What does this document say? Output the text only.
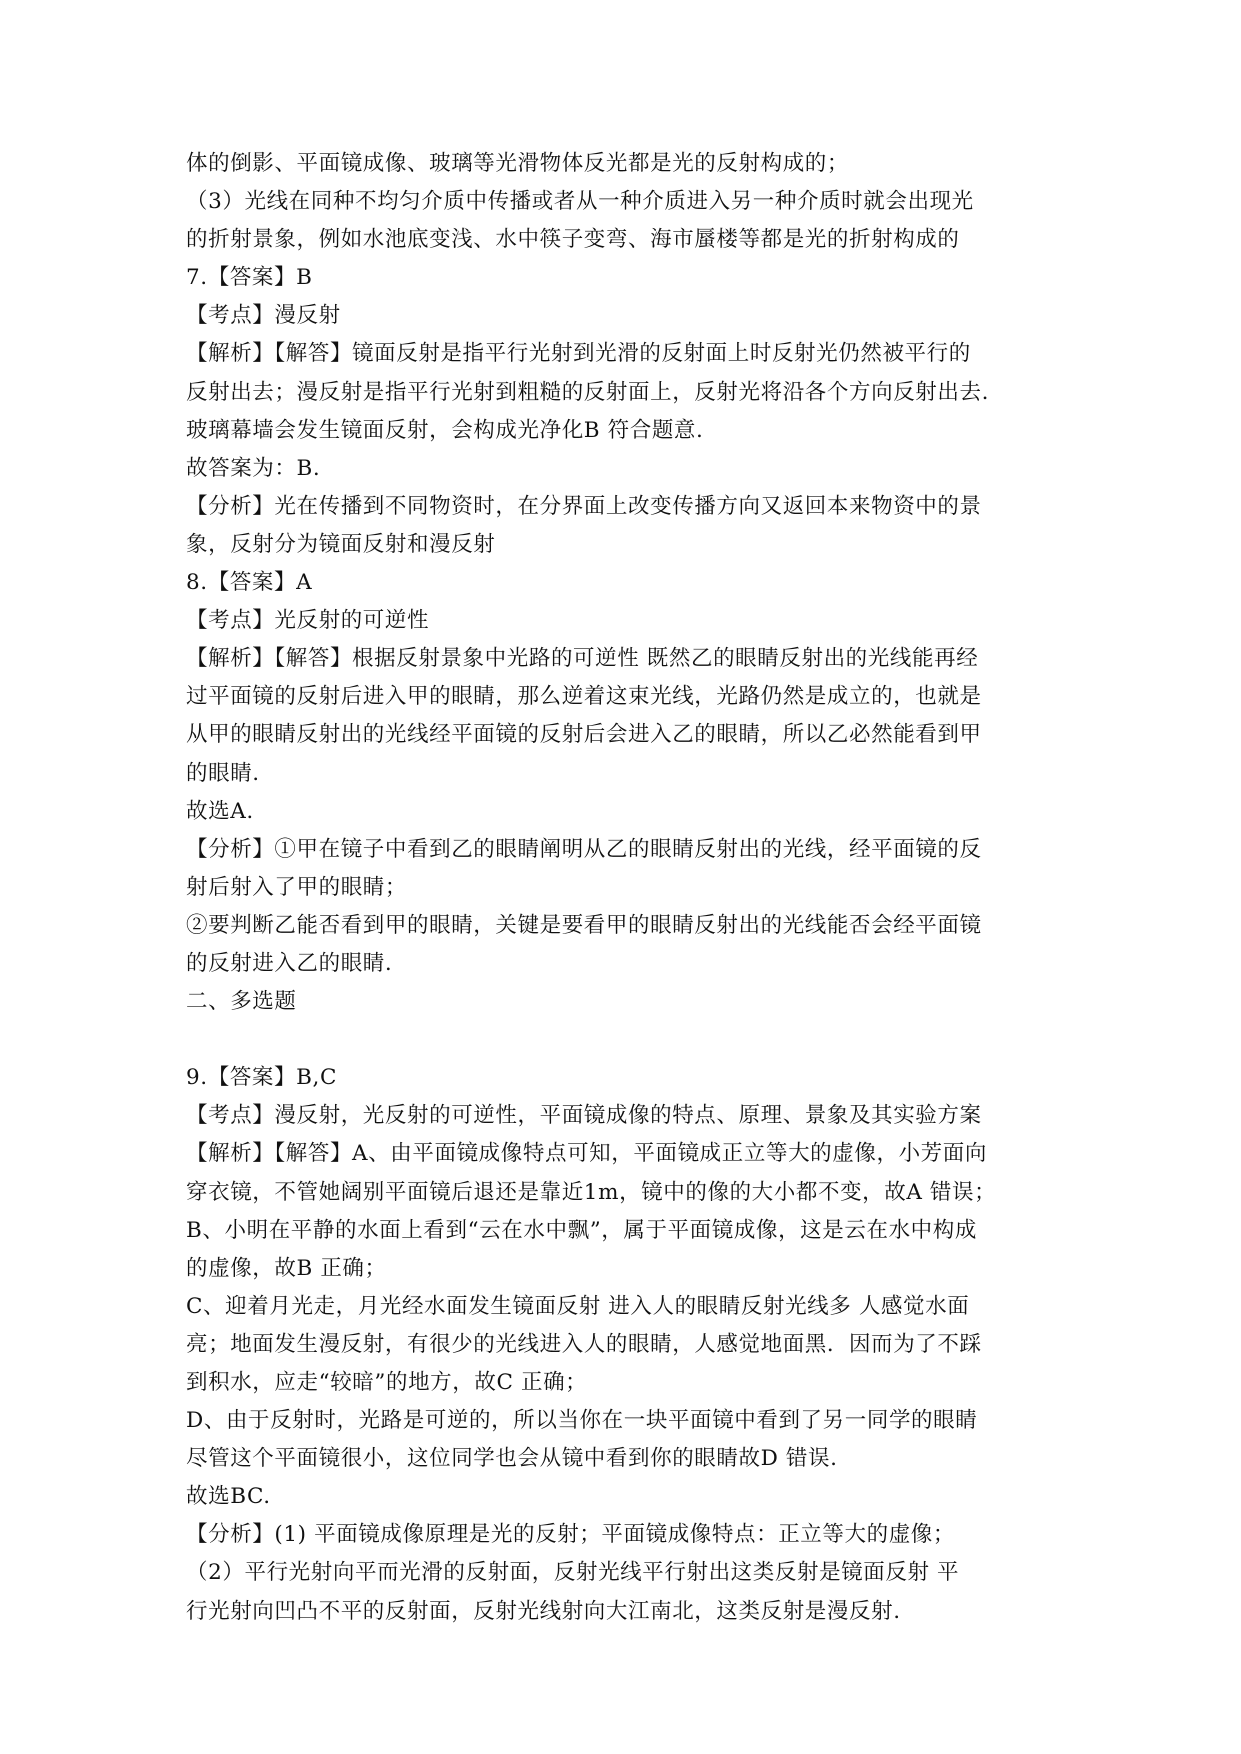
体的倒影、平面镜成像、玻璃等光滑物体反光都是光的反射构成的；
（3）光线在同种不均匀介质中传播或者从一种介质进入另一种介质时就会出现光
的折射景象，例如水池底变浅、水中筷子变弯、海市蜃楼等都是光的折射构成的
7.【答案】B
【考点】漫反射
【解析】【解答】镜面反射是指平行光射到光滑的反射面上时反射光仍然被平行的
反射出去；漫反射是指平行光射到粗糙的反射面上，反射光将沿各个方向反射出去.
玻璃幕墙会发生镜面反射，会构成光净化B 符合题意.
故答案为：B.
【分析】光在传播到不同物资时，在分界面上改变传播方向又返回本来物资中的景
象，反射分为镜面反射和漫反射
8.【答案】A
【考点】光反射的可逆性
【解析】【解答】根据反射景象中光路的可逆性 既然乙的眼睛反射出的光线能再经
过平面镜的反射后进入甲的眼睛，那么逆着这束光线，光路仍然是成立的，也就是
从甲的眼睛反射出的光线经平面镜的反射后会进入乙的眼睛，所以乙必然能看到甲
的眼睛.
故选A.
【分析】①甲在镜子中看到乙的眼睛阐明从乙的眼睛反射出的光线，经平面镜的反
射后射入了甲的眼睛；
②要判断乙能否看到甲的眼睛，关键是要看甲的眼睛反射出的光线能否会经平面镜
的反射进入乙的眼睛.
二、多选题
9.【答案】B,C
【考点】漫反射，光反射的可逆性，平面镜成像的特点、原理、景象及其实验方案
【解析】【解答】A、由平面镜成像特点可知，平面镜成正立等大的虚像，小芳面向
穿衣镜，不管她阔别平面镜后退还是靠近1m，镜中的像的大小都不变，故A 错误；
B、小明在平静的水面上看到“云在水中飘”，属于平面镜成像，这是云在水中构成
的虚像，故B 正确；
C、迎着月光走，月光经水面发生镜面反射 进入人的眼睛反射光线多 人感觉水面
亮；地面发生漫反射，有很少的光线进入人的眼睛，人感觉地面黑．因而为了不踩
到积水，应走“较暗”的地方，故C 正确；
D、由于反射时，光路是可逆的，所以当你在一块平面镜中看到了另一同学的眼睛
尽管这个平面镜很小，这位同学也会从镜中看到你的眼睛故D 错误.
故选BC.
【分析】(1) 平面镜成像原理是光的反射；平面镜成像特点：正立等大的虚像；
（2）平行光射向平而光滑的反射面，反射光线平行射出这类反射是镜面反射 平
行光射向凹凸不平的反射面，反射光线射向大江南北，这类反射是漫反射.
